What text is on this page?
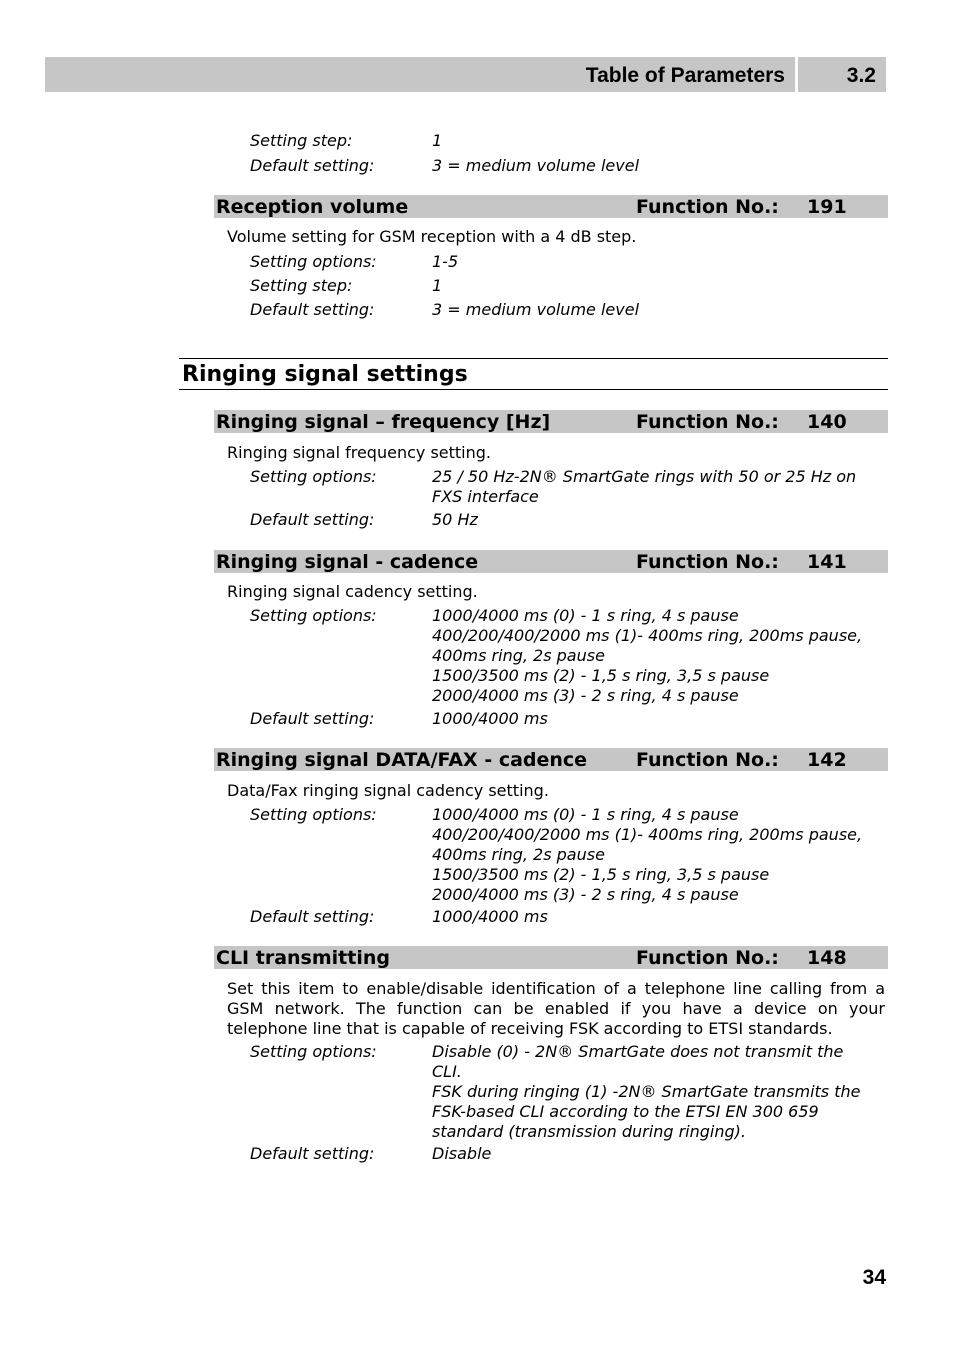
Table of Parameters	3.2
Setting step:	1
Default setting:	3 = medium volume level
Reception volume	Function No.: 191
Volume setting for GSM reception with a 4 dB step.
Setting options:	1-5
Setting step:	1
Default setting:	3 = medium volume level
Ringing signal settings
Ringing signal – frequency [Hz]	Function No.: 140
Ringing signal frequency setting.
Setting options:	25 / 50 Hz-2N® SmartGate rings with 50 or 25 Hz on
FXS interface
Default setting:	50 Hz
Ringing signal - cadence	Function No.: 141
Ringing signal cadency setting.
Setting options:	1000/4000 ms (0) - 1 s ring, 4 s pause
400/200/400/2000 ms (1)- 400ms ring, 200ms pause,
400ms ring, 2s pause
1500/3500 ms (2) - 1,5 s ring, 3,5 s pause
2000/4000 ms (3) - 2 s ring, 4 s pause
Default setting:	1000/4000 ms
Ringing signal DATA/FAX - cadence	Function No.: 142
Data/Fax ringing signal cadency setting.
Setting options:	1000/4000 ms (0) - 1 s ring, 4 s pause
400/200/400/2000 ms (1)- 400ms ring, 200ms pause,
400ms ring, 2s pause
1500/3500 ms (2) - 1,5 s ring, 3,5 s pause
2000/4000 ms (3) - 2 s ring, 4 s pause
Default setting:	1000/4000 ms
CLI transmitting	Function No.: 148
Set this item to enable/disable identification of a telephone line calling from a GSM network. The function can be enabled if you have a device on your telephone line that is capable of receiving FSK according to ETSI standards.
Setting options:	Disable (0) - 2N® SmartGate does not transmit the
CLI.
FSK during ringing (1) -2N® SmartGate transmits the
FSK-based CLI according to the ETSI EN 300 659
standard (transmission during ringing).
Default setting:	Disable
34
